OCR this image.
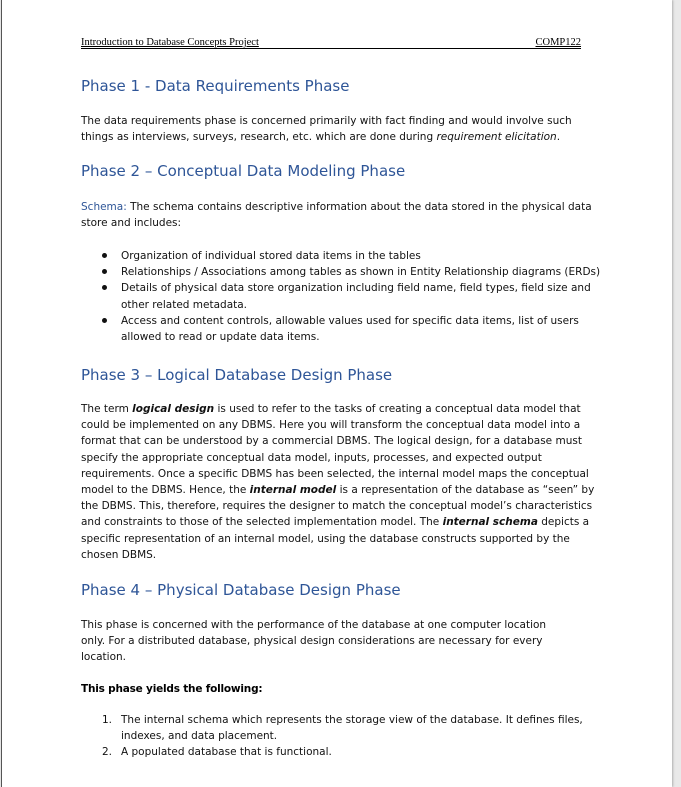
Introduction to Database Concepts Project	COMP122
Phase 1 - Data Requirements Phase

The data requirements phase is concerned primarily with fact finding and would involve such things as interviews, surveys, research, etc. which are done during requirement elicitation.

Phase 2 – Conceptual Data Modeling Phase

Schema: The schema contains descriptive information about the data stored in the physical data store and includes:

Organization of individual stored data items in the tables
Relationships / Associations among tables as shown in Entity Relationship diagrams (ERDs)
Details of physical data store organization including field name, field types, field size and other related metadata.
Access and content controls, allowable values used for specific data items, list of users allowed to read or update data items.
Phase 3 – Logical Database Design Phase

The term logical design is used to refer to the tasks of creating a conceptual data model that could be implemented on any DBMS. Here you will transform the conceptual data model into a format that can be understood by a commercial DBMS. The logical design, for a database must specify the appropriate conceptual data model, inputs, processes, and expected output requirements. Once a specific DBMS has been selected, the internal model maps the conceptual model to the DBMS. Hence, the internal model is a representation of the database as “seen” by the DBMS. This, therefore, requires the designer to match the conceptual model’s characteristics and constraints to those of the selected implementation model. The internal schema depicts a specific representation of an internal model, using the database constructs supported by the chosen DBMS.

Phase 4 – Physical Database Design Phase

This phase is concerned with the performance of the database at one computer location only. For a distributed database, physical design considerations are necessary for every location.

This phase yields the following:

1. The internal schema which represents the storage view of the database. It defines files, indexes, and data placement.
2. A populated database that is functional.
